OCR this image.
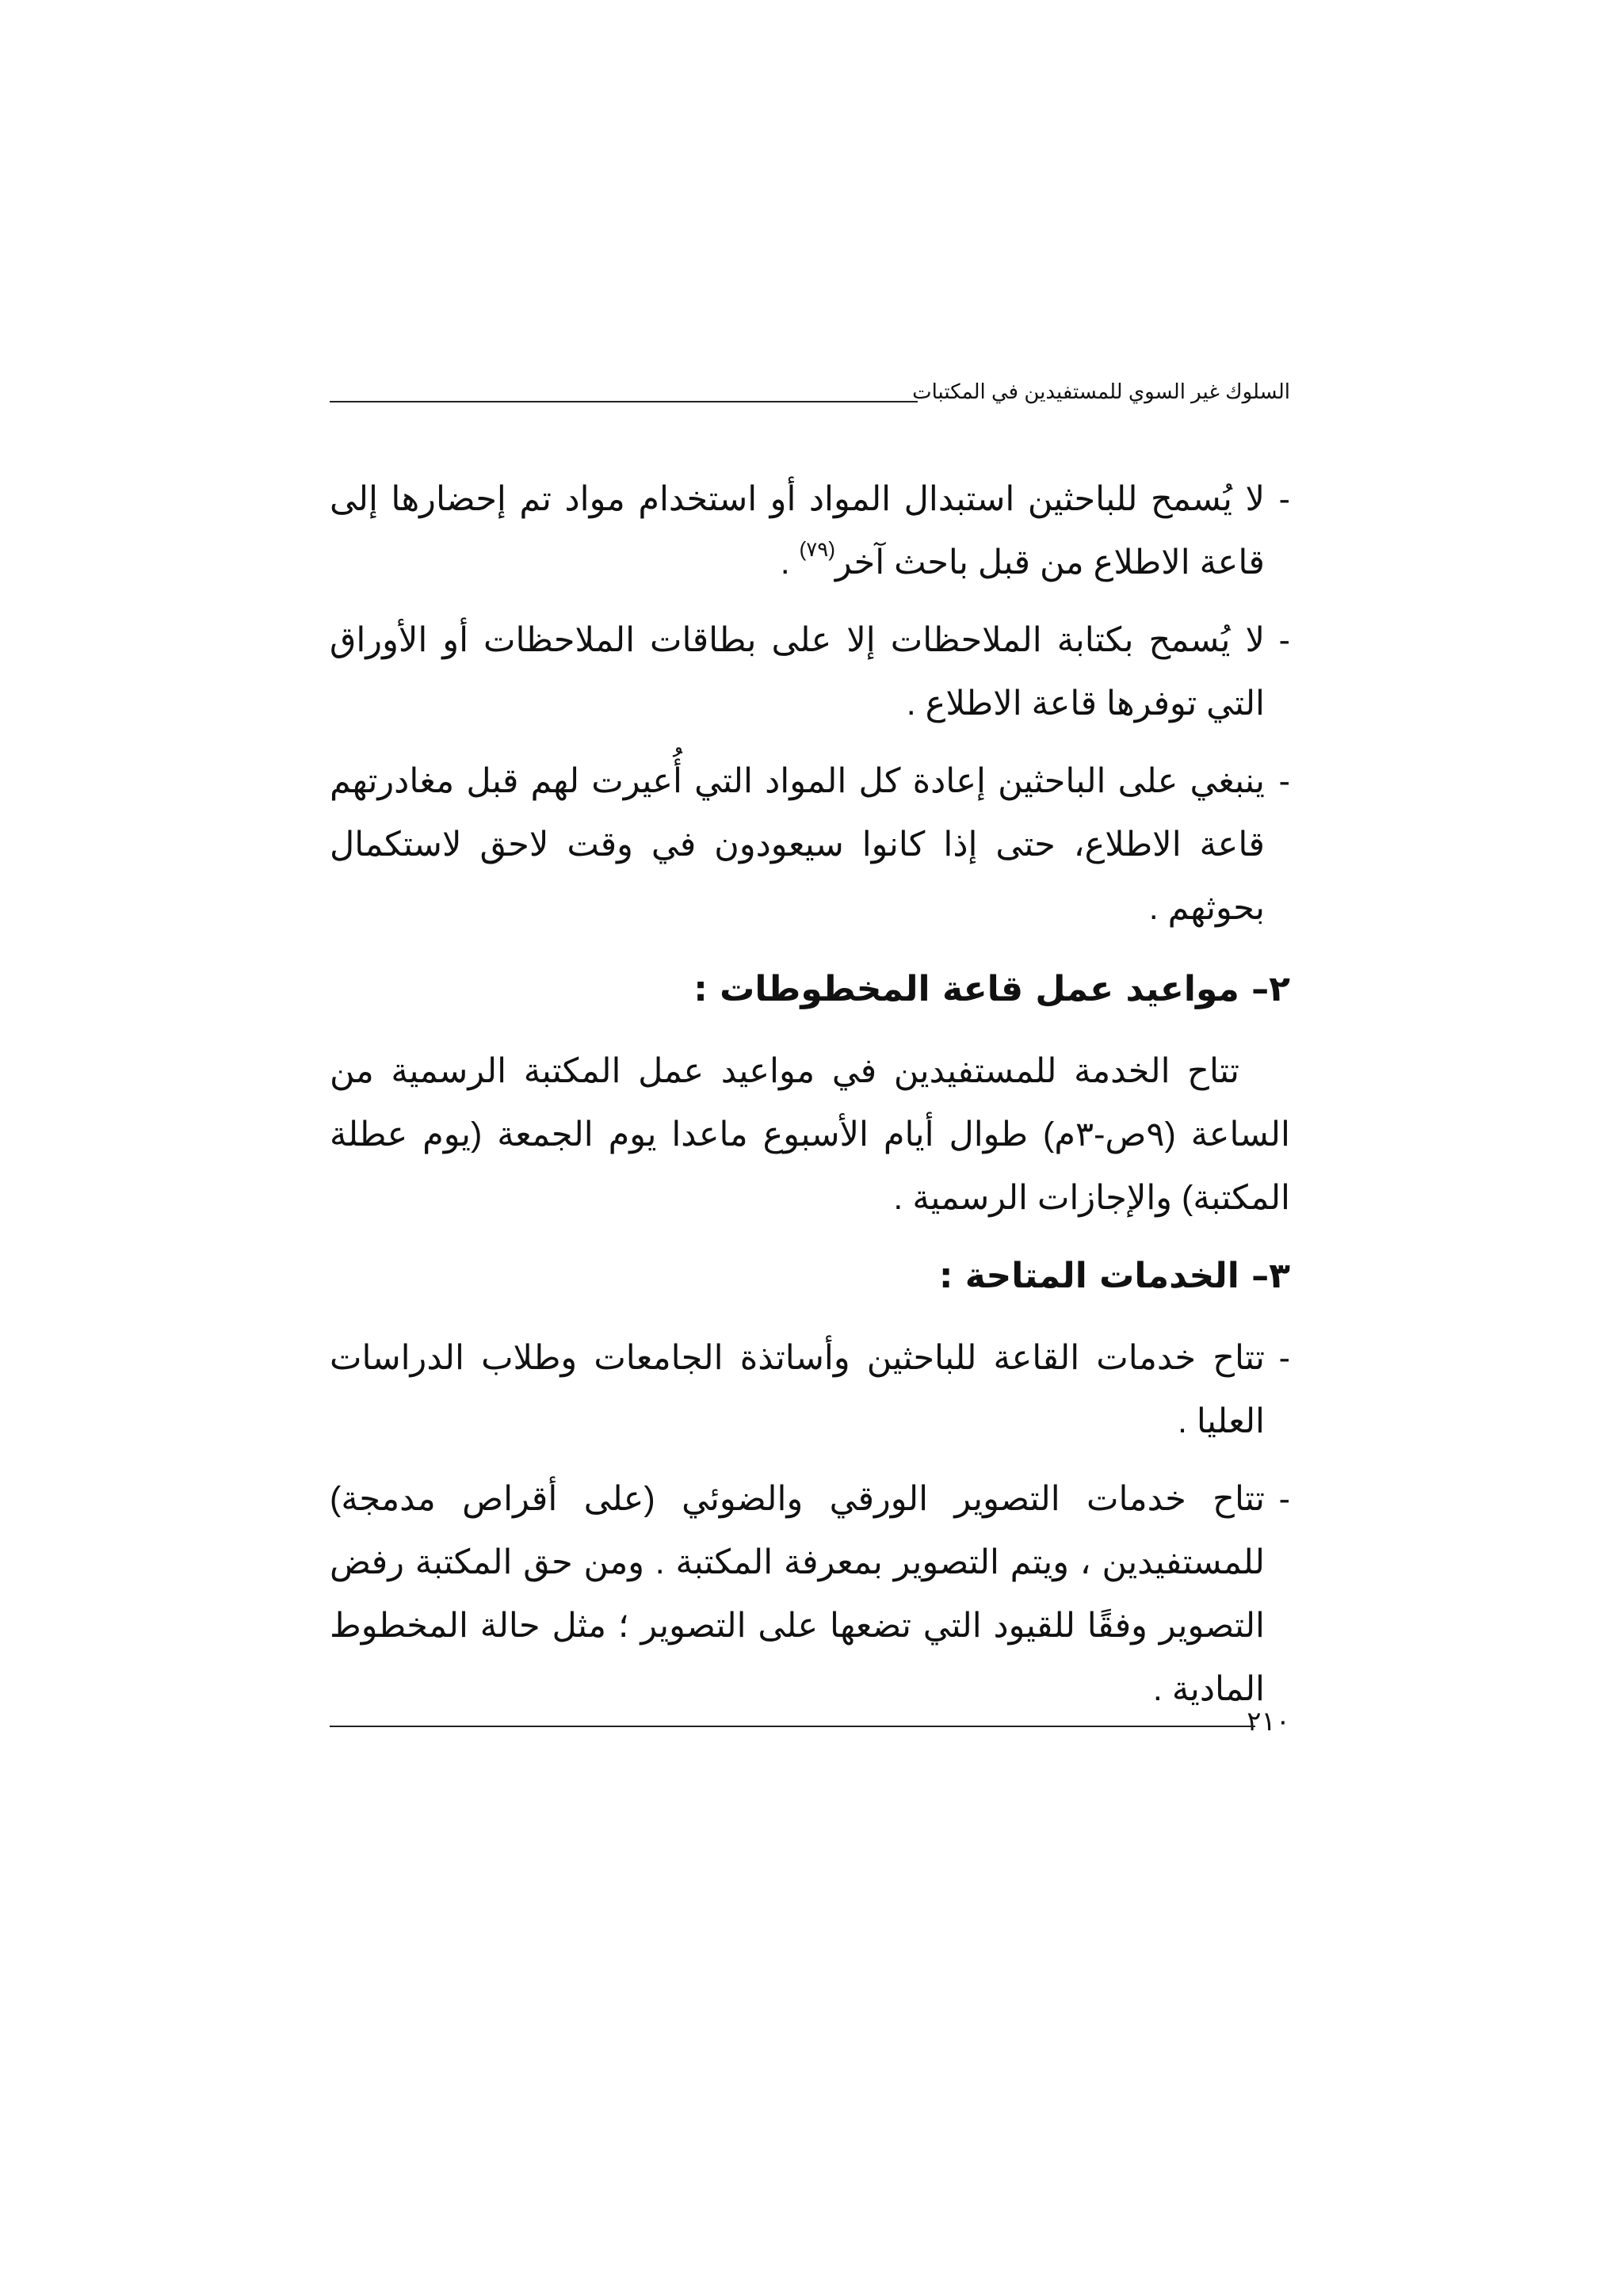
السلوك غير السوي للمستفيدين في المكتبات
-
لا يُسمح للباحثين استبدال المواد أو استخدام مواد تم إحضارها إلى
قاعة الاطلاع من قبل باحث آخر$^{(٧٩)}$ .
-
لا يُسمح بكتابة الملاحظات إلا على بطاقات الملاحظات أو الأوراق
التي توفرها قاعة الاطلاع .
-
ينبغي على الباحثين إعادة كل المواد التي أُعيرت لهم قبل مغادرتهم
قاعة الاطلاع، حتى إذا كانوا سيعودون في وقت لاحق لاستكمال
بحوثهم .
٢– مواعيد عمل قاعة المخطوطات :
تتاح الخدمة للمستفيدين في مواعيد عمل المكتبة الرسمية من
الساعة (٩ص-٣م) طوال أيام الأسبوع ماعدا يوم الجمعة (يوم عطلة
المكتبة) والإجازات الرسمية .
٣– الخدمات المتاحة :
-
تتاح خدمات القاعة للباحثين وأساتذة الجامعات وطلاب الدراسات
العليا .
-
تتاح خدمات التصوير الورقي والضوئي (على أقراص مدمجة)
للمستفيدين ، ويتم التصوير بمعرفة المكتبة . ومن حق المكتبة رفض
التصوير وفقًا للقيود التي تضعها على التصوير ؛ مثل حالة المخطوط
المادية .
٢١٠
